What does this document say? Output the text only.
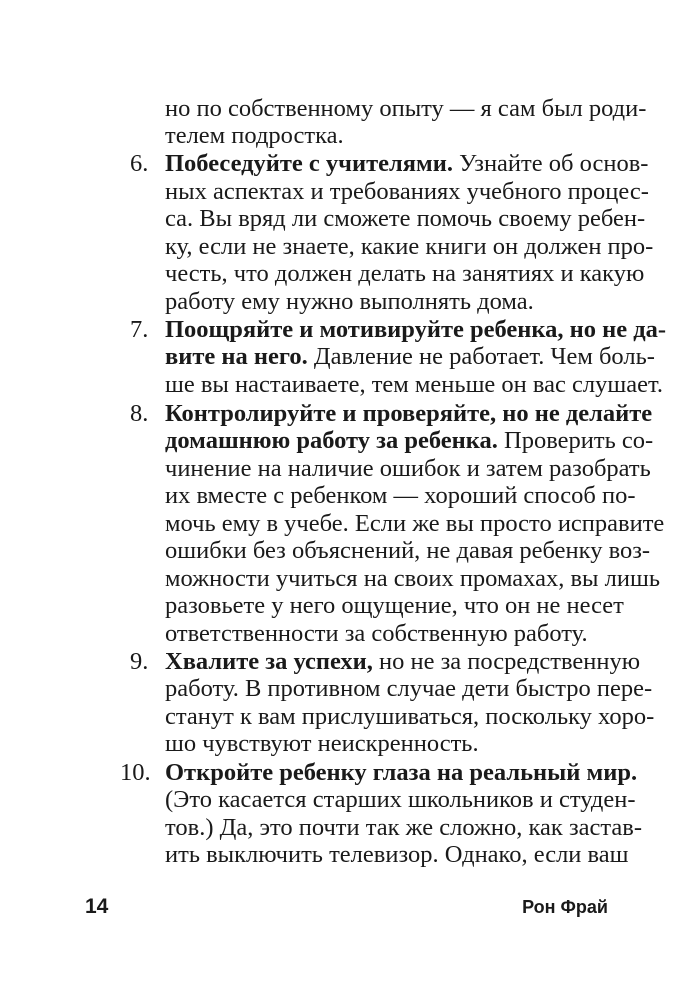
но по собственному опыту — я сам был роди-
телем подростка.
6. Побеседуйте с учителями. Узнайте об основ-
ных аспектах и требованиях учебного процес-
са. Вы вряд ли сможете помочь своему ребен-
ку, если не знаете, какие книги он должен про-
честь, что должен делать на занятиях и какую
работу ему нужно выполнять дома.
7. Поощряйте и мотивируйте ребенка, но не да-
вите на него. Давление не работает. Чем боль-
ше вы настаиваете, тем меньше он вас слушает.
8. Контролируйте и проверяйте, но не делайте
домашнюю работу за ребенка. Проверить со-
чинение на наличие ошибок и затем разобрать
их вместе с ребенком — хороший способ по-
мочь ему в учебе. Если же вы просто исправите
ошибки без объяснений, не давая ребенку воз-
можности учиться на своих промахах, вы лишь
разовьете у него ощущение, что он не несет
ответственности за собственную работу.
9. Хвалите за успехи, но не за посредственную
работу. В противном случае дети быстро пере-
станут к вам прислушиваться, поскольку хоро-
шо чувствуют неискренность.
10. Откройте ребенку глаза на реальный мир.
(Это касается старших школьников и студен-
тов.) Да, это почти так же сложно, как застав-
ить выключить телевизор. Однако, если ваш
14	Рон Фрай
